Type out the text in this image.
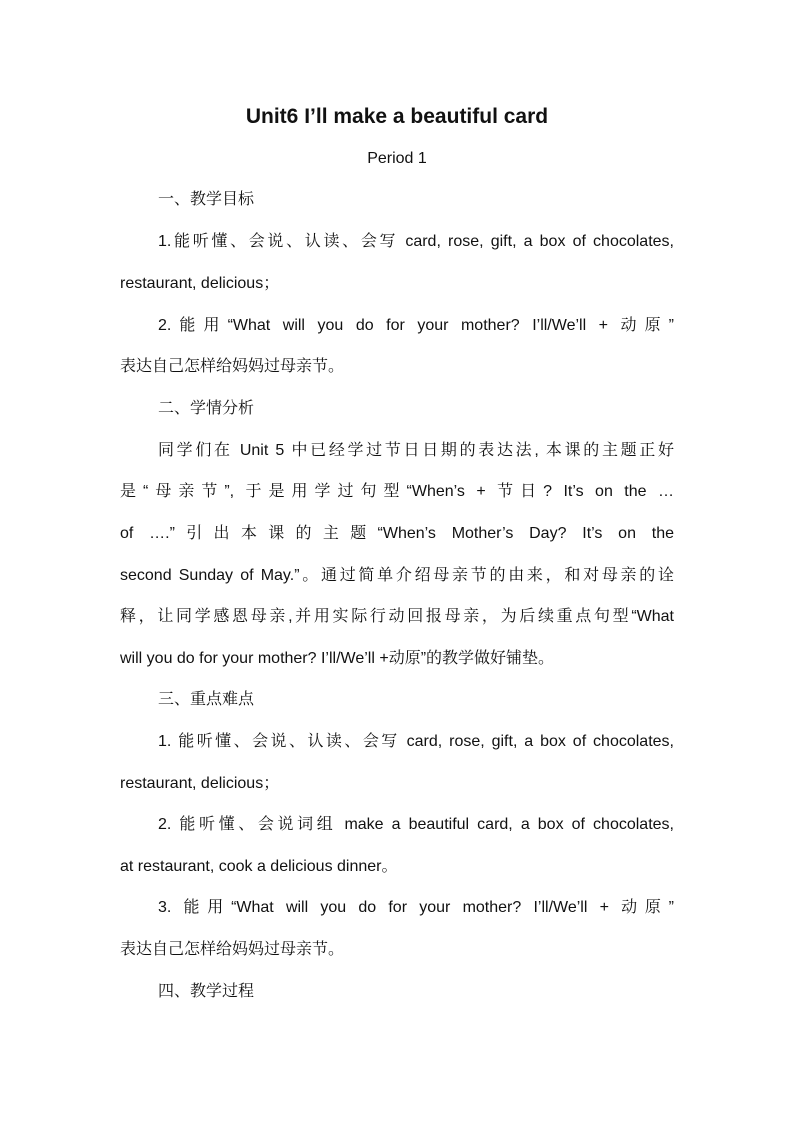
Unit6 I’ll make a beautiful card
Period 1
一、教学目标
1.能听懂、会说、认读、会写 card, rose, gift, a box of chocolates,
restaurant, delicious；
2.能用“What will you do for your mother? I’ll/We’ll + 动原”
表达自己怎样给妈妈过母亲节。
二、学情分析
同学们在 Unit 5 中已经学过节日日期的表达法, 本课的主题正好
是“母亲节”, 于是用学过句型“When’s + 节日? It’s on the …
of ….”引出本课的主题“When’s Mother’s Day? It’s on the
second Sunday of May.”。通过简单介绍母亲节的由来，和对母亲的诠
释，让同学感恩母亲,并用实际行动回报母亲，为后续重点句型“What
will you do for your mother? I’ll/We’ll +动原”的教学做好铺垫。
三、重点难点
1. 能听懂、会说、认读、会写 card, rose, gift, a box of chocolates,
restaurant, delicious；
2. 能听懂、会说词组 make a beautiful card, a box of chocolates,
at restaurant, cook a delicious dinner。
3. 能用“What will you do for your mother? I’ll/We’ll + 动原”
表达自己怎样给妈妈过母亲节。
四、教学过程
